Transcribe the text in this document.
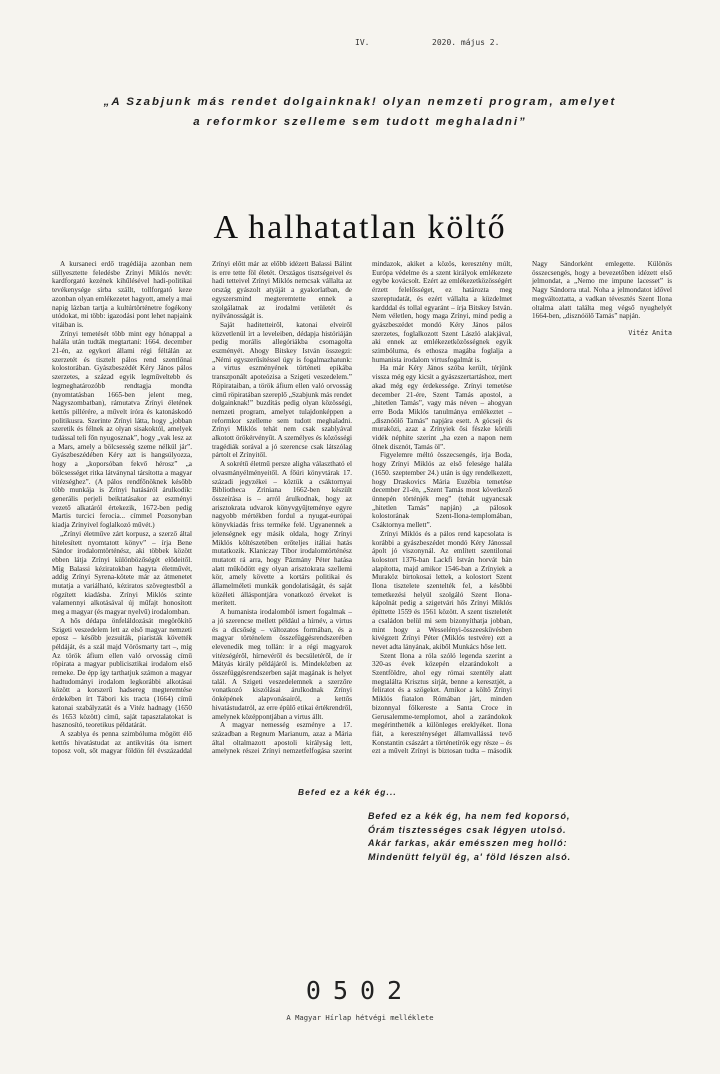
IV.	2020. május 2.
„A Szabjunk más rendet dolgainknak! olyan nemzeti program, amelyet
a reformkor szelleme sem tudott meghaladni”
A halhatatlan költő

A kursaneci erdő tragédiája azonban nem süllyesztette feledésbe Zrínyi Miklós nevét: kardforgató kezének kihűlésével hadi-politikai tevékenysége sírba szállt, tollforgató keze azonban olyan emlékezetet hagyott, amely a mai napig lázban tartja a kultúrtörténetre fogékony utódokat, mi több: igazodási pont lehet napjaink vitáiban is.

Zrínyi temetését több mint egy hónappal a halála után tudták megtartani: 1664. december 21-én, az egykori állami régi féltálán az szerzetét és tisztelt pálos rend szentlőnai kolostorában. Gyászbeszédét Kéry János pálos szerzetes, a század egyik legműveltebb és legmeghatározóbb rendtagja mondta (nyomtatásban 1665-ben jelent meg, Nagyszombatban), rámutatva Zrínyi életének kettős pillérére, a művelt íróra és katonáskodó politikusra. Szerinte Zrínyi látta, hogy „jobban szeretik és félnek az olyan sisakoktól, amelyek tudással teli főn nyugosznak”, hogy „vak lesz az a Mars, amely a bölcsesség szeme nélkül jár”. Gyászbeszédében Kéry azt is hangsúlyozza, hogy a „koporsóban fekvő hérosz” „a bölcsességet ritka látványnal társította a magyar vitézséghez”. (A pálos rendfőnöknek később több munkája is Zrínyi hatásáról árulkodik: generális perjeli beiktatásakor az eszményi vezető alkatáról értekezik, 1672-ben pedig Martis turcici ferocia... címmel Pozsonyban kiadja Zrínyivel foglalkozó művét.)

„Zrínyi életműve zárt korpusz, a szerző által hitelesített nyomtatott könyv” – írja Bene Sándor irodalomtörténész, aki többek között ebben látja Zrínyi különbözőségét elődeitől. Míg Balassi kéziratokban hagyta életművét, addig Zrínyi Syrena-kötete már az átmenetet mutatja a variálható, kéziratos szövegtestből a rögzített kiadásba. Zrínyi Miklós szinte valamennyi alkotásával új műfajt honosított meg a magyar (és magyar nyelvű) irodalomban.

A hős dédapa önfeláldozását megörökítő Szigeti veszedelem lett az első magyar nemzeti eposz – később jezsuiták, piaristák követték példáját, és a szál majd Vörösmarty tart –, míg Az török áfium ellen való orvosság című röpirata a magyar publicisztikai irodalom első remeke. De épp így tarthatjuk számon a magyar hadtudományi irodalom legkorábbi alkotásai között a korszerű hadsereg megteremtése érdekében írt Tábori kis tracta (1664) című katonai szabályzatát és a Vitéz hadnagy (1650 és 1653 között) című, saját tapasztalatokat is hasznosító, teoretikus példatárát.

A szablya és penna szimbóluma mögött élő kettős hivatástudat az antikvitás óta ismert toposz volt, sőt magyar földön fél évszázaddal Zrínyi előtt már az előbb idézett Balassi Bálint is erre tette föl életét. Országos tisztségeivel és hadi tetteivel Zrínyi Miklós nemcsak vállalta az ország gyászolt atyáját a gyakorlatban, de egyszersmind megteremtette ennek a szolgálatnak az irodalmi vetületét és nyilvánosságát is.

Saját haditetteiről, katonai elveiről közvetlenül írt a leveleiben, dédapja históriáján pedig morális allegóriákba csomagolta eszményét. Ahogy Bitskey István összegzi: „Némi egyszerűsítéssel úgy is fogalmazhatunk: a virtus eszményének történeti epikába transzponált apoteózisa a Szigeti veszedelem.” Röpirataiban, a török áfium ellen való orvosság című röpiratában szereplő „Szabjunk más rendet dolgainknak!” buzdítás pedig olyan közösségi, nemzeti program, amelyet tulajdonképpen a reformkor szelleme sem tudott meghaladni. Zrínyi Miklós tehát nem csak szablyával alkotott örökérvényűt. A személyes és közösségi tragédiák sorával a jó szerencse csak látszólag pártolt el Zrínyitől.

A sokrétű életmű persze aligha választható el olvasmányélményeitől. A főúri könyvtárak 17. századi jegyzékei – köztük a csáktornyai Bibliotheca Zriniana 1662-ben készült összeírása is – arról árulkodnak, hogy az arisztokrata udvarok könyvgyűjteménye egyre nagyobb mértékben fordul a nyugat-európai könyvkiadás friss terméke felé. Ugyanennek a jelenségnek egy másik oldala, hogy Zrínyi Miklós költészetében erőteljes itáliai hatás mutatkozik. Klaniczay Tibor irodalomtörténész mutatott rá arra, hogy Pázmány Péter hatása alatt működött egy olyan arisztokrata szellemi kör, amely követte a kortárs politikai és államelméleti munkák gondolatiságát, és saját közéleti álláspontjára vonatkozó érveket is merített.

A humanista irodalomból ismert fogalmak – a jó szerencse mellett például a hírnév, a virtus és a dicsőség – változatos formában, és a magyar történelem összefüggésrendszerében elevenedik meg tollán: ír a régi magyarok vitézségéről, hírnevéről és becsületéről, de ír Mátyás király példájáról is. Mindeközben az összefüggésrendszerben saját magának is helyet talál. A Szigeti veszedelemnek a szerzőre vonatkozó kiszólásai árulkodnak Zrínyi önképének alapvonásairól, a kettős hivatástudatról, az erre épülő etikai értékrendről, amelynek középpontjában a virtus állt.

A magyar nemesség eszménye a 17. században a Regnum Marianum, azaz a Mária által oltalmazott apostoli királyság lett, amelynek részei Zrínyi nemzetfelfogása szerint mindazok, akiket a közös, keresztény múlt, Európa védelme és a szent királyok emlékezete egybe kovácsolt. Ezért az emlékezetközösségért érzett felelősséget, ez határozta meg szereptudatát, és ezért vállalta a küzdelmet kardddal és tollal egyaránt – írja Bitskey István. Nem véletlen, hogy maga Zrínyi, mind pedig a gyászbeszédet mondó Kéry János pálos szerzetes, foglalkozott Szent László alakjával, aki ennek az emlékezetközösségnek egyik szimbóluma, és ethosza magába foglalja a humanista irodalom virtusfogalmát is.

Ha már Kéry János szóba került, térjünk vissza még egy kicsit a gyászszertartáshoz, mert akad még egy érdekessége. Zrínyi temetése december 21-ére, Szent Tamás apostol, a „hitetlen Tamás”, vagy más néven – ahogyan erre Boda Miklós tanulmánya emlékeztet – „disznóölő Tamás” napjára esett. A gócseji és muraközi, azaz a Zrínyiek ősi fészke körüli vidék néphite szerint „ha ezen a napon nem ölnek disznót, Tamás öl”.

Figyelemre méltó összecsengés, írja Boda, hogy Zrínyi Miklós az első felesége halála (1650. szeptember 24.) után is úgy rendelkezett, hogy Draskovics Mária Euzébia temetése december 21-én, „Szent Tamás most következő ünnepén történjék meg” (tehát ugyancsak „hitetlen Tamás” napján) „a pálosok kolostorának Szent-Ilona-templomában, Csáktornya mellett”.

Zrínyi Miklós és a pálos rend kapcsolata is korábbi a gyászbeszédet mondó Kéry Jánossal ápolt jó viszonynál. Az említett szentilonai kolostort 1376-ban Lackfi István horvát bán alapította, majd amikor 1546-ban a Zrínyiek a Muraköz birtokosai lettek, a kolostort Szent Ilona tisztelete szentelték fel, a későbbi temetkezési helyül szolgáló Szent Ilona-kápolnát pedig a szigetvári hős Zrínyi Miklós építtette 1559 és 1561 között. A szent tiszteletét a családon belül mi sem bizonyíthatja jobban, mint hogy a Wesselényi-összeesküvésben kivégzett Zrínyi Péter (Miklós testvére) ezt a nevet adta lányának, akiből Munkács hőse lett.

Szent Ilona a róla szóló legenda szerint a 320-as évek közepén elzarándokolt a Szentföldre, ahol egy római szentély alatt megtalálta Krisztus sírját, benne a keresztjét, a feliratot és a szögeket. Amikor a költő Zrínyi Miklós fiatalon Rómában járt, minden bizonnyal fölkereste a Santa Croce in Gerusalemme-templomot, ahol a zarándokok megérinthették a különleges ereklyéket. Ilona fiát, a kereszténységet államvallássá tevő Konstantin császárt a történetírók egy része – és ezt a művelt Zrínyi is biztosan tudta – második Nagy Sándorként emlegette. Különös összecsengés, hogy a bevezetőben idézett első jelmondat, a „Nemo me impune lacesset” is Nagy Sándorra utal. Noha a jelmondatot idővel megváltoztatta, a vadkan tévesztés Szent Ilona oltalma alatt találta meg végső nyughelyét 1664-ben, „disznóölő Tamás” napján.

Vitéz Anita

Befed ez a kék ég...
Befed ez a kék ég, ha nem fed koporsó,
Órám tisztességes csak légyen utolsó.
Akár farkas, akár emésszen meg holló:
Mindenütt felyül ég, a' föld lészen alsó.
0502
A Magyar Hírlap hétvégi melléklete
